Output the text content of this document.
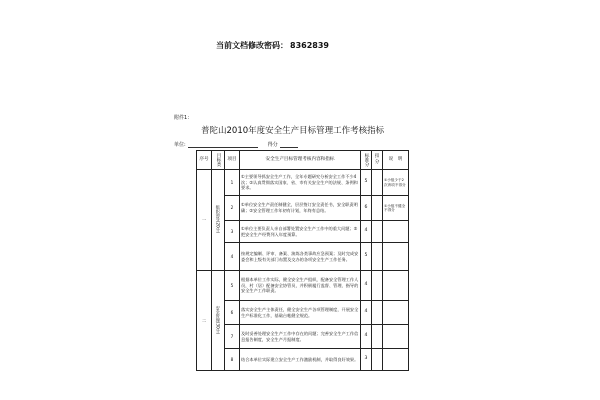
当前文档修改密码： 8362839
附件1：
普陀山2010年度安全生产目标管理工作考核指标
单位:	得分
序号	目标类	项目	安全生产目标管理考核内容和指标	标准分	扣分	说　明
一	组织领导(20分)	1	①主要领导抓安全生产工作，全年专题研究分析安全工作不少4次；②认真贯彻落实国家、省、市有关安全生产的法规、条例和要求。	5		①小组少于2次该项不得分
		2	①单位安全生产责任制健全，层层签订安全责任书，安全职责明确；②安全管理工作年初有计划，年终有总结。	6		①小组不健全不得分
		3	①单位主要负责人亲自部署处置安全生产工作中的重大问题；②把安全生产经费列入年度预算。	4		
		4	按规定编制、评审、备案、演练各类事故应急预案；及时完成安委会和上级有关部门布置及交办的各项安全生产工作任务。	5		
二	安全管理(30分)	5	根据本单位工作实际，健全安全生产组织，配备安全管理工作人员，村（居）配备安全协管员，并积极履行监督、管理、指导的安全生产工作职责。	4		
		6	落实安全生产主体责任，健全安全生产各项管理制度，开展安全生产标准化工作，基础台帐健全规范。	4		
		7	及时妥善处理安全生产工作中存在的问题；完善安全生产工作信息报告制度，安全生产月报制度。	4		
		8	结合本单位实际建立安全生产工作激励机制，并取得良好效果。	3		
